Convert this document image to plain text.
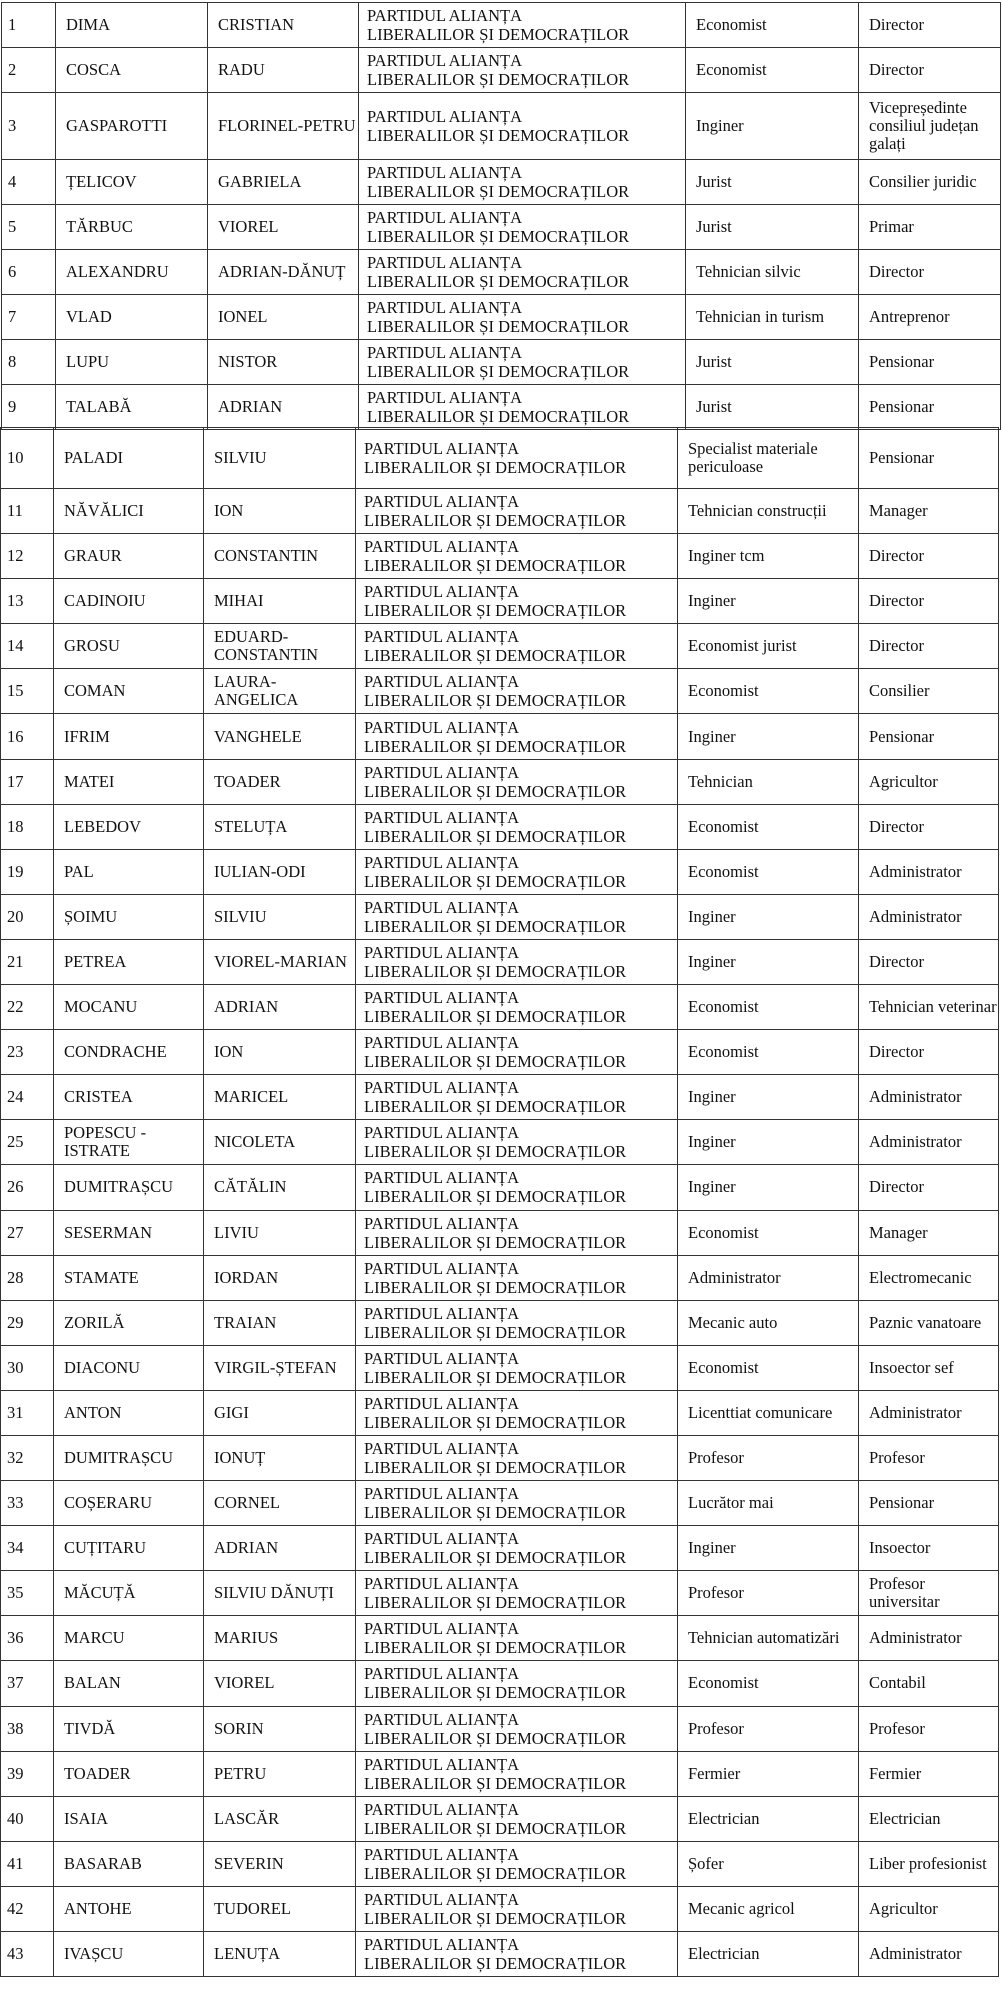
1	DIMA	CRISTIAN	PARTIDUL ALIANȚA
LIBERALILOR ȘI DEMOCRAȚILOR	Economist	Director
2	COSCA	RADU	PARTIDUL ALIANȚA
LIBERALILOR ȘI DEMOCRAȚILOR	Economist	Director
3	GASPAROTTI	FLORINEL-PETRU	PARTIDUL ALIANȚA
LIBERALILOR ȘI DEMOCRAȚILOR	Inginer	Vicepreședinte consiliul județan galați
4	ȚELICOV	GABRIELA	PARTIDUL ALIANȚA
LIBERALILOR ȘI DEMOCRAȚILOR	Jurist	Consilier juridic
5	TĂRBUC	VIOREL	PARTIDUL ALIANȚA
LIBERALILOR ȘI DEMOCRAȚILOR	Jurist	Primar
6	ALEXANDRU	ADRIAN-DĂNUȚ	PARTIDUL ALIANȚA
LIBERALILOR ȘI DEMOCRAȚILOR	Tehnician silvic	Director
7	VLAD	IONEL	PARTIDUL ALIANȚA
LIBERALILOR ȘI DEMOCRAȚILOR	Tehnician in turism	Antreprenor
8	LUPU	NISTOR	PARTIDUL ALIANȚA
LIBERALILOR ȘI DEMOCRAȚILOR	Jurist	Pensionar
9	TALABĂ	ADRIAN	PARTIDUL ALIANȚA
LIBERALILOR ȘI DEMOCRAȚILOR	Jurist	Pensionar
10	PALADI	SILVIU	PARTIDUL ALIANȚA
LIBERALILOR ȘI DEMOCRAȚILOR	Specialist materiale periculoase	Pensionar
11	NĂVĂLICI	ION	PARTIDUL ALIANȚA
LIBERALILOR ȘI DEMOCRAȚILOR	Tehnician construcții	Manager
12	GRAUR	CONSTANTIN	PARTIDUL ALIANȚA
LIBERALILOR ȘI DEMOCRAȚILOR	Inginer tcm	Director
13	CADINOIU	MIHAI	PARTIDUL ALIANȚA
LIBERALILOR ȘI DEMOCRAȚILOR	Inginer	Director
14	GROSU	EDUARD-CONSTANTIN	PARTIDUL ALIANȚA
LIBERALILOR ȘI DEMOCRAȚILOR	Economist jurist	Director
15	COMAN	LAURA-ANGELICA	PARTIDUL ALIANȚA
LIBERALILOR ȘI DEMOCRAȚILOR	Economist	Consilier
16	IFRIM	VANGHELE	PARTIDUL ALIANȚA
LIBERALILOR ȘI DEMOCRAȚILOR	Inginer	Pensionar
17	MATEI	TOADER	PARTIDUL ALIANȚA
LIBERALILOR ȘI DEMOCRAȚILOR	Tehnician	Agricultor
18	LEBEDOV	STELUȚA	PARTIDUL ALIANȚA
LIBERALILOR ȘI DEMOCRAȚILOR	Economist	Director
19	PAL	IULIAN-ODI	PARTIDUL ALIANȚA
LIBERALILOR ȘI DEMOCRAȚILOR	Economist	Administrator
20	ȘOIMU	SILVIU	PARTIDUL ALIANȚA
LIBERALILOR ȘI DEMOCRAȚILOR	Inginer	Administrator
21	PETREA	VIOREL-MARIAN	PARTIDUL ALIANȚA
LIBERALILOR ȘI DEMOCRAȚILOR	Inginer	Director
22	MOCANU	ADRIAN	PARTIDUL ALIANȚA
LIBERALILOR ȘI DEMOCRAȚILOR	Economist	Tehnician veterinar
23	CONDRACHE	ION	PARTIDUL ALIANȚA
LIBERALILOR ȘI DEMOCRAȚILOR	Economist	Director
24	CRISTEA	MARICEL	PARTIDUL ALIANȚA
LIBERALILOR ȘI DEMOCRAȚILOR	Inginer	Administrator
25	POPESCU - ISTRATE	NICOLETA	PARTIDUL ALIANȚA
LIBERALILOR ȘI DEMOCRAȚILOR	Inginer	Administrator
26	DUMITRAȘCU	CĂTĂLIN	PARTIDUL ALIANȚA
LIBERALILOR ȘI DEMOCRAȚILOR	Inginer	Director
27	SESERMAN	LIVIU	PARTIDUL ALIANȚA
LIBERALILOR ȘI DEMOCRAȚILOR	Economist	Manager
28	STAMATE	IORDAN	PARTIDUL ALIANȚA
LIBERALILOR ȘI DEMOCRAȚILOR	Administrator	Electromecanic
29	ZORILĂ	TRAIAN	PARTIDUL ALIANȚA
LIBERALILOR ȘI DEMOCRAȚILOR	Mecanic auto	Paznic vanatoare
30	DIACONU	VIRGIL-ȘTEFAN	PARTIDUL ALIANȚA
LIBERALILOR ȘI DEMOCRAȚILOR	Economist	Insoector sef
31	ANTON	GIGI	PARTIDUL ALIANȚA
LIBERALILOR ȘI DEMOCRAȚILOR	Licenttiat comunicare	Administrator
32	DUMITRAȘCU	IONUȚ	PARTIDUL ALIANȚA
LIBERALILOR ȘI DEMOCRAȚILOR	Profesor	Profesor
33	COȘERARU	CORNEL	PARTIDUL ALIANȚA
LIBERALILOR ȘI DEMOCRAȚILOR	Lucrător mai	Pensionar
34	CUȚITARU	ADRIAN	PARTIDUL ALIANȚA
LIBERALILOR ȘI DEMOCRAȚILOR	Inginer	Insoector
35	MĂCUȚĂ	SILVIU DĂNUȚI	PARTIDUL ALIANȚA
LIBERALILOR ȘI DEMOCRAȚILOR	Profesor	Profesor universitar
36	MARCU	MARIUS	PARTIDUL ALIANȚA
LIBERALILOR ȘI DEMOCRAȚILOR	Tehnician automatizări	Administrator
37	BALAN	VIOREL	PARTIDUL ALIANȚA
LIBERALILOR ȘI DEMOCRAȚILOR	Economist	Contabil
38	TIVDĂ	SORIN	PARTIDUL ALIANȚA
LIBERALILOR ȘI DEMOCRAȚILOR	Profesor	Profesor
39	TOADER	PETRU	PARTIDUL ALIANȚA
LIBERALILOR ȘI DEMOCRAȚILOR	Fermier	Fermier
40	ISAIA	LASCĂR	PARTIDUL ALIANȚA
LIBERALILOR ȘI DEMOCRAȚILOR	Electrician	Electrician
41	BASARAB	SEVERIN	PARTIDUL ALIANȚA
LIBERALILOR ȘI DEMOCRAȚILOR	Șofer	Liber profesionist
42	ANTOHE	TUDOREL	PARTIDUL ALIANȚA
LIBERALILOR ȘI DEMOCRAȚILOR	Mecanic agricol	Agricultor
43	IVAȘCU	LENUȚA	PARTIDUL ALIANȚA
LIBERALILOR ȘI DEMOCRAȚILOR	Electrician	Administrator
